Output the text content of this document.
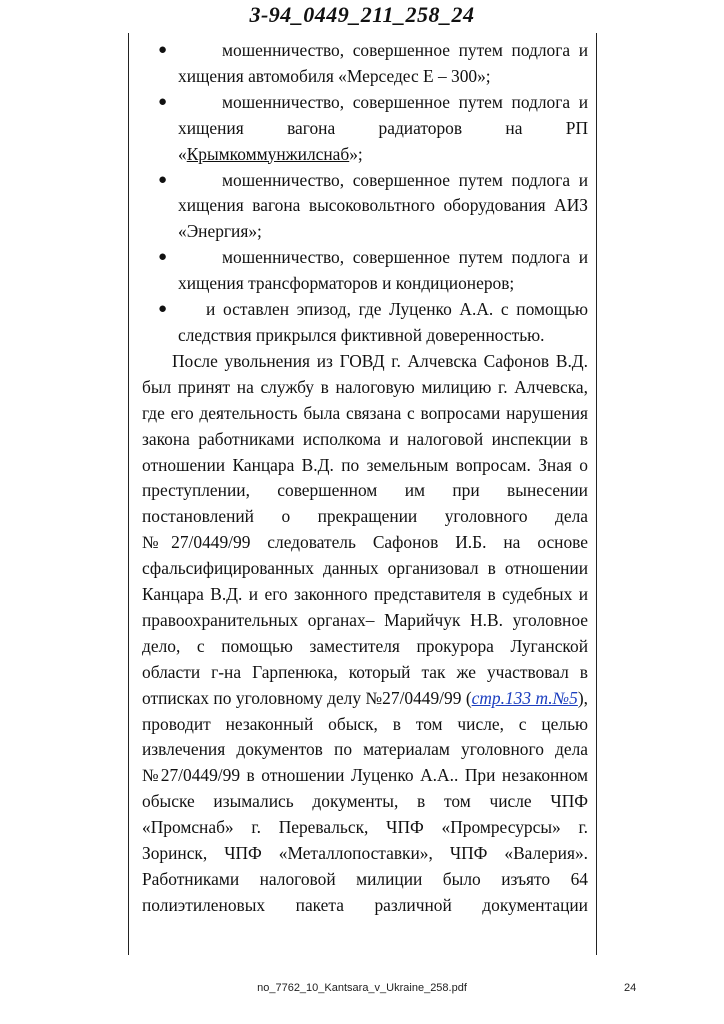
3-94_0449_211_258_24
●	мошенничество, совершенное путем подлога и хищения автомобиля «Мерседес Е – 300»;
●	мошенничество, совершенное путем подлога и хищения вагона радиаторов на РП «Крымкоммунжилснаб»;
●	мошенничество, совершенное путем подлога и хищения вагона высоковольтного оборудования АИЗ «Энергия»;
●	мошенничество, совершенное путем подлога и хищения трансформаторов и кондиционеров;
●	и оставлен эпизод, где Луценко А.А. с помощью следствия прикрылся фиктивной доверенностью.

После увольнения из ГОВД г. Алчевска Сафонов В.Д. был принят на службу в налоговую милицию г. Алчевска, где его деятельность была связана с вопросами нарушения закона работниками исполкома и налоговой инспекции в отношении Канцара В.Д. по земельным вопросам. Зная о преступлении, совершенном им при вынесении постановлений о прекращении уголовного дела №27/0449/99 следователь Сафонов И.Б. на основе сфальсифицированных данных организовал в отношении Канцара В.Д. и его законного представителя в судебных и правоохранительных органах– Марийчук Н.В. уголовное дело, с помощью заместителя прокурора Луганской области г-на Гарпенюка, который так же участвовал в отписках по уголовному делу №27/0449/99 (стр.133 т.№5), проводит незаконный обыск, в том числе, с целью извлечения документов по материалам уголовного дела №27/0449/99 в отношении Луценко А.А.. При незаконном обыске изымались документы, в том числе ЧПФ «Промснаб» г. Перевальск, ЧПФ «Промресурсы» г. Зоринск, ЧПФ «Металлопоставки», ЧПФ «Валерия». Работниками налоговой милиции было изъято 64 полиэтиленовых пакета различной документации

no_7762_10_Kantsara_v_Ukraine_258.pdf	24
